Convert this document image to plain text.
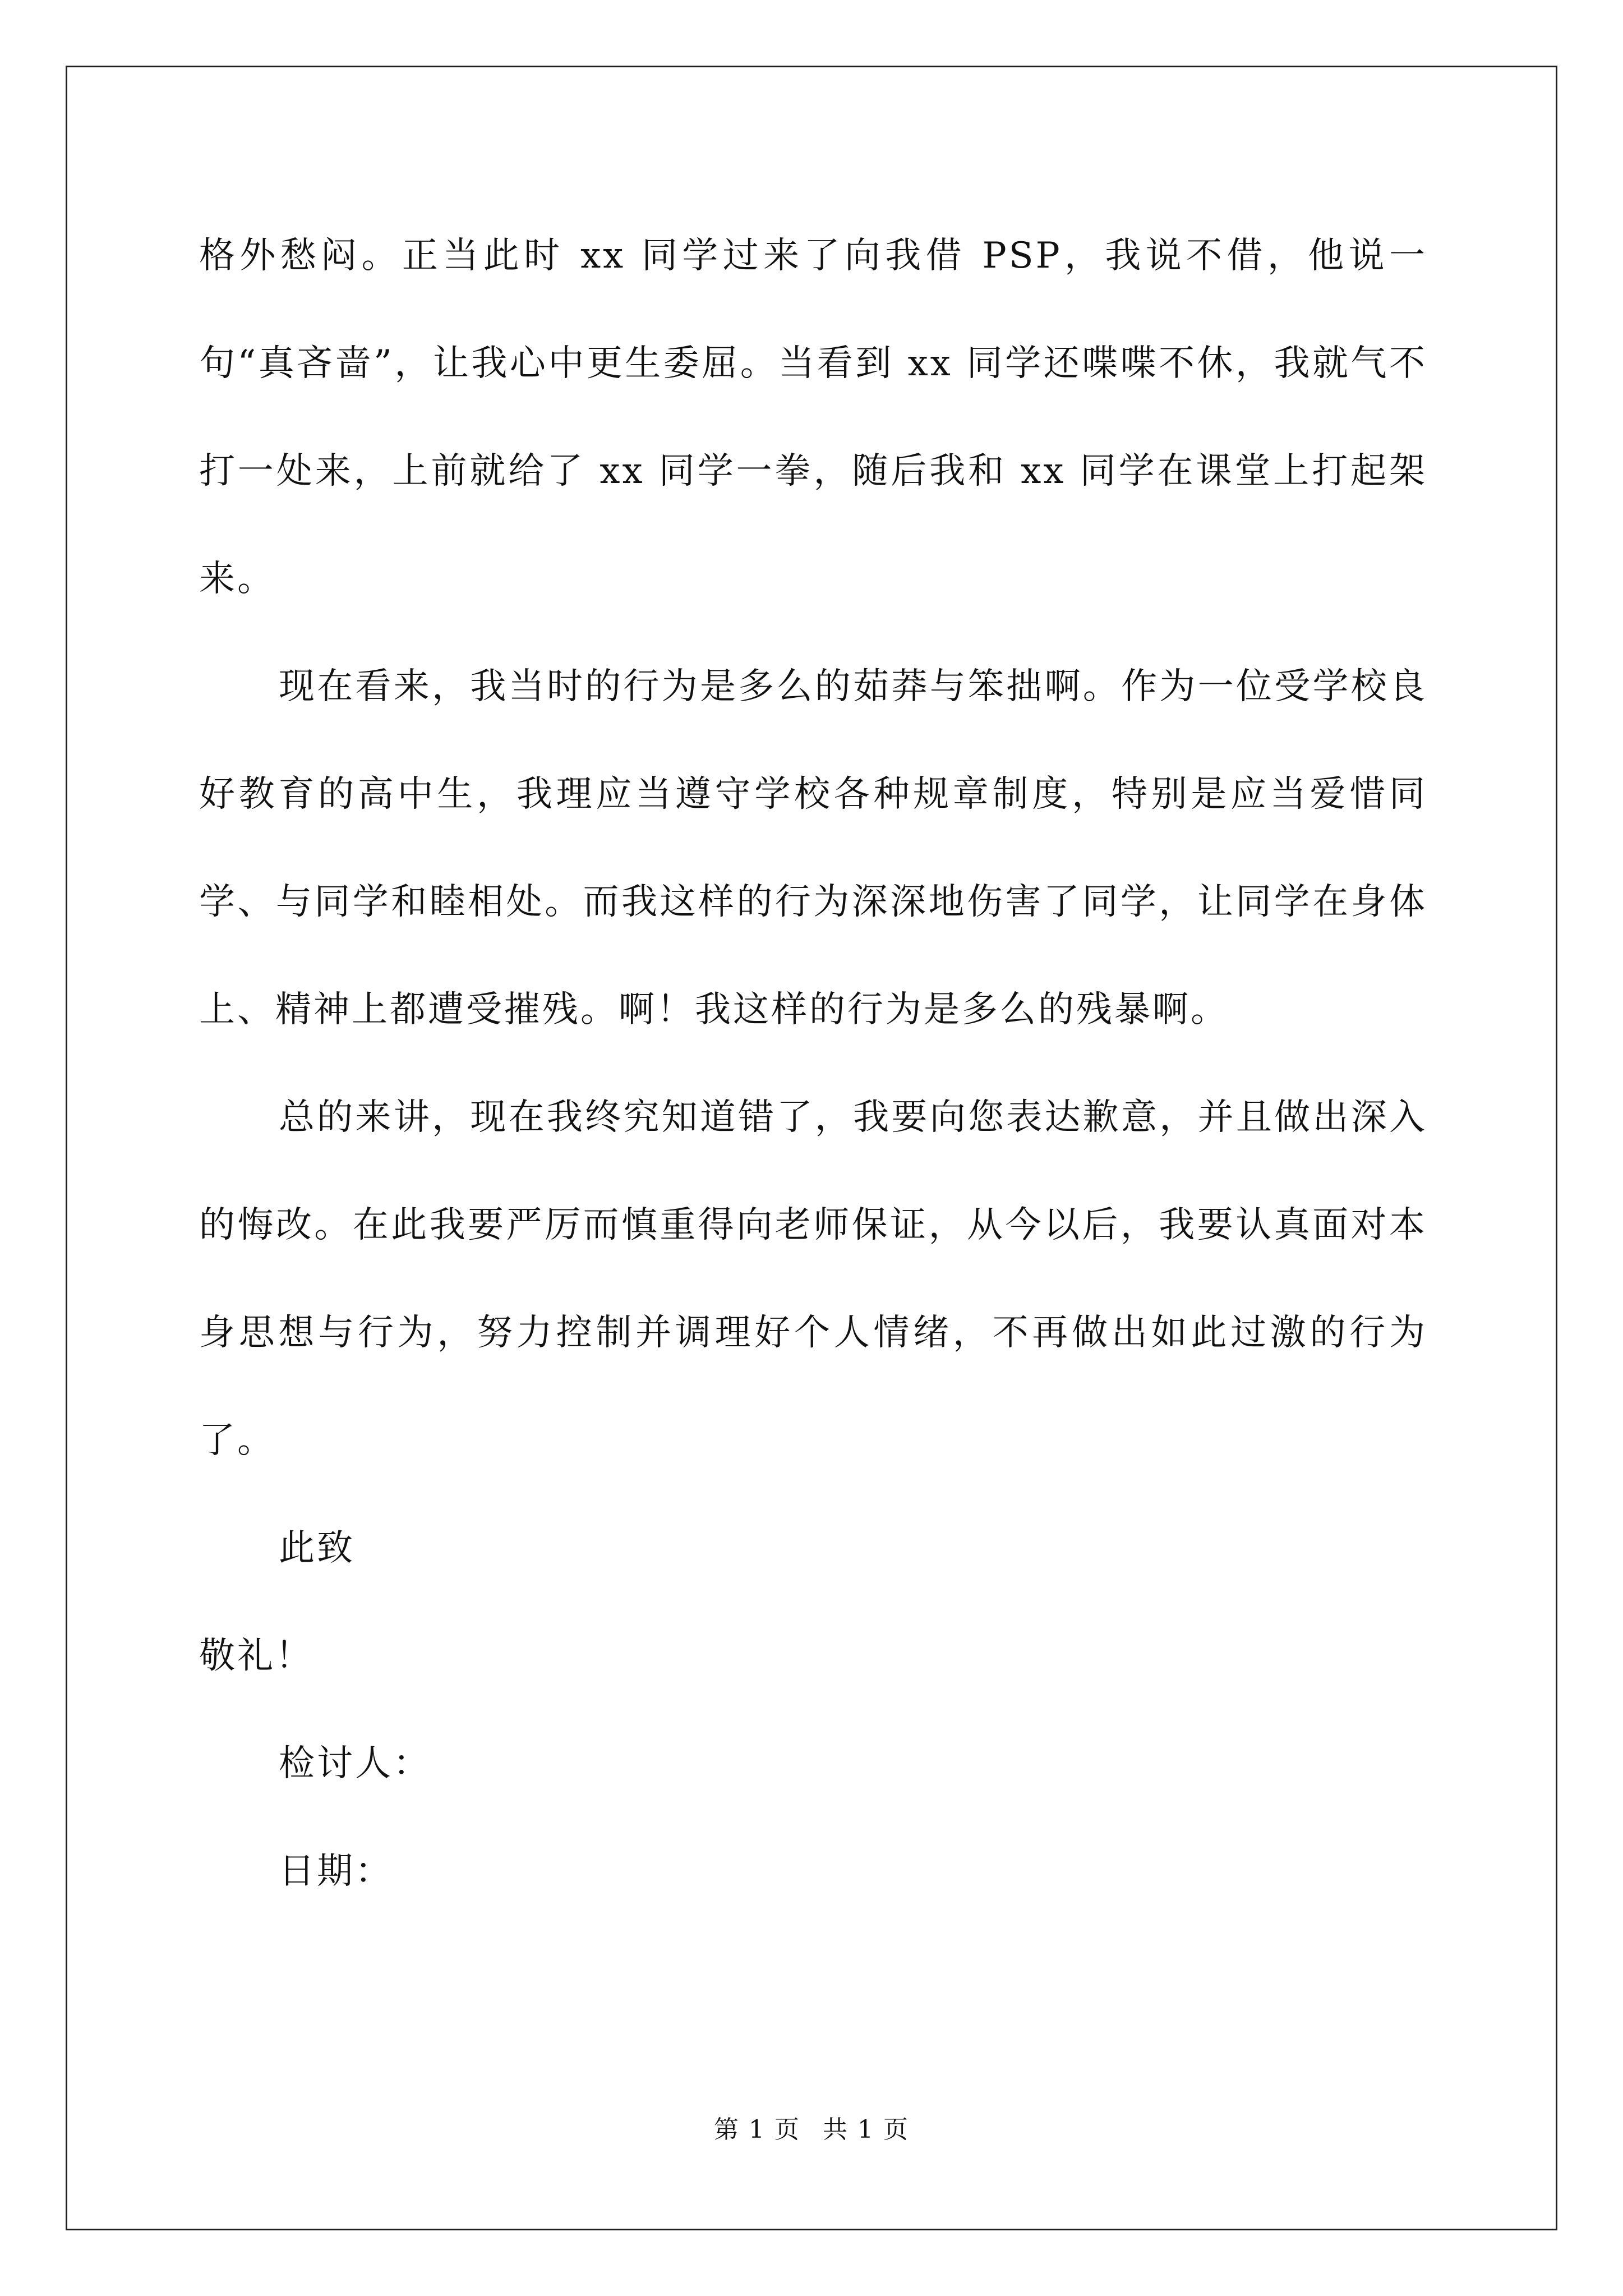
格外愁闷。正当此时 xx 同学过来了向我借 PSP，我说不借，他说一句“真吝啬”，让我心中更生委屈。当看到 xx 同学还喋喋不休，我就气不打一处来，上前就给了 xx 同学一拳，随后我和 xx 同学在课堂上打起架来。

现在看来，我当时的行为是多么的茹莽与笨拙啊。作为一位受学校良好教育的高中生，我理应当遵守学校各种规章制度，特别是应当爱惜同学、与同学和睦相处。而我这样的行为深深地伤害了同学，让同学在身体上、精神上都遭受摧残。啊！我这样的行为是多么的残暴啊。

总的来讲，现在我终究知道错了，我要向您表达歉意，并且做出深入的悔改。在此我要严厉而慎重得向老师保证，从今以后，我要认真面对本身思想与行为，努力控制并调理好个人情绪，不再做出如此过激的行为了。

此致

敬礼！

检讨人：

日期：

第 1 页 共 1 页
